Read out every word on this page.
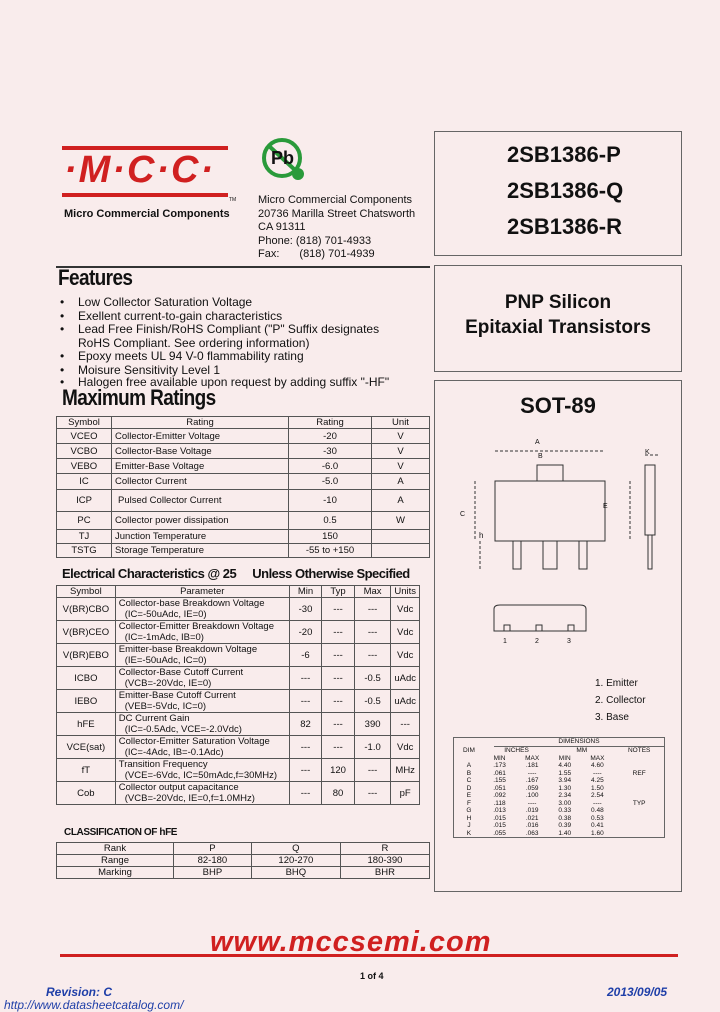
·M·C·C·
TM
Micro Commercial Components
Pb
Micro Commercial Components
20736 Marilla Street Chatsworth
CA 91311
Phone: (818) 701-4933
Fax: (818) 701-4939
2SB1386-P
2SB1386-Q
2SB1386-R
PNP Silicon
Epitaxial Transistors
Features
• Low Collector Saturation Voltage
• Exellent current-to-gain characteristics
• Lead Free Finish/RoHS Compliant ("P" Suffix designates
RoHS Compliant. See ordering information)
• Epoxy meets UL 94 V-0 flammability rating
• Moisure Sensitivity Level 1
• Halogen free available upon request by adding suffix "-HF"
Maximum Ratings
Symbol	Rating	Rating	Unit
VCEO	Collector-Emitter Voltage	-20	V
VCBO	Collector-Base Voltage	-30	V
VEBO	Emitter-Base Voltage	-6.0	V
IC	Collector Current	-5.0	A
ICP	Pulsed Collector Current	-10	A
PC	Collector power dissipation	0.5	W
TJ	Junction Temperature	150	
TSTG	Storage Temperature	-55 to +150	
Electrical Characteristics @ 25 Unless Otherwise Specified
Symbol	Parameter	Min	Typ	Max	Units
V(BR)CBO	Collector-base Breakdown Voltage
(IC=-50uAdc, IE=0)	-30	---	---	Vdc
V(BR)CEO	Collector-Emitter Breakdown Voltage
(IC=-1mAdc, IB=0)	-20	---	---	Vdc
V(BR)EBO	Emitter-base Breakdown Voltage
(IE=-50uAdc, IC=0)	-6	---	---	Vdc
ICBO	Collector-Base Cutoff Current
(VCB=-20Vdc, IE=0)	---	---	-0.5	uAdc
IEBO	Emitter-Base Cutoff Current
(VEB=-5Vdc, IC=0)	---	---	-0.5	uAdc
hFE	DC Current Gain
(IC=-0.5Adc, VCE=-2.0Vdc)	82	---	390	---
VCE(sat)	Collector-Emitter Saturation Voltage
(IC=-4Adc, IB=-0.1Adc)	---	---	-1.0	Vdc
fT	Transition Frequency
(VCE=-6Vdc, IC=50mAdc,f=30MHz)	---	120	---	MHz
Cob	Collector output capacitance
(VCB=-20Vdc, IE=0,f=1.0MHz)	---	80	---	pF
CLASSIFICATION OF hFE
Rank	P	Q	R
Range	82-180	120-270	180-390
Marking	BHP	BHQ	BHR
SOT-89
A
B
C
E
K
h
1	2	3
1. Emitter
2. Collector
3. Base
DIMENSIONS
DIM	INCHES		MM		NOTES
	MIN	MAX	MIN	MAX	
A	.173	.181	4.40	4.60	
B	.061	----	1.55	----	REF
C	.155	.167	3.94	4.25	
D	.051	.059	1.30	1.50	
E	.092	.100	2.34	2.54	
F	.118	----	3.00	----	TYP
G	.013	.019	0.33	0.48	
H	.015	.021	0.38	0.53	
J	.015	.016	0.39	0.41	
K	.055	.063	1.40	1.60	
www.mccsemi.com
1 of 4
Revision: C	2013/09/05
http://www.datasheetcatalog.com/
